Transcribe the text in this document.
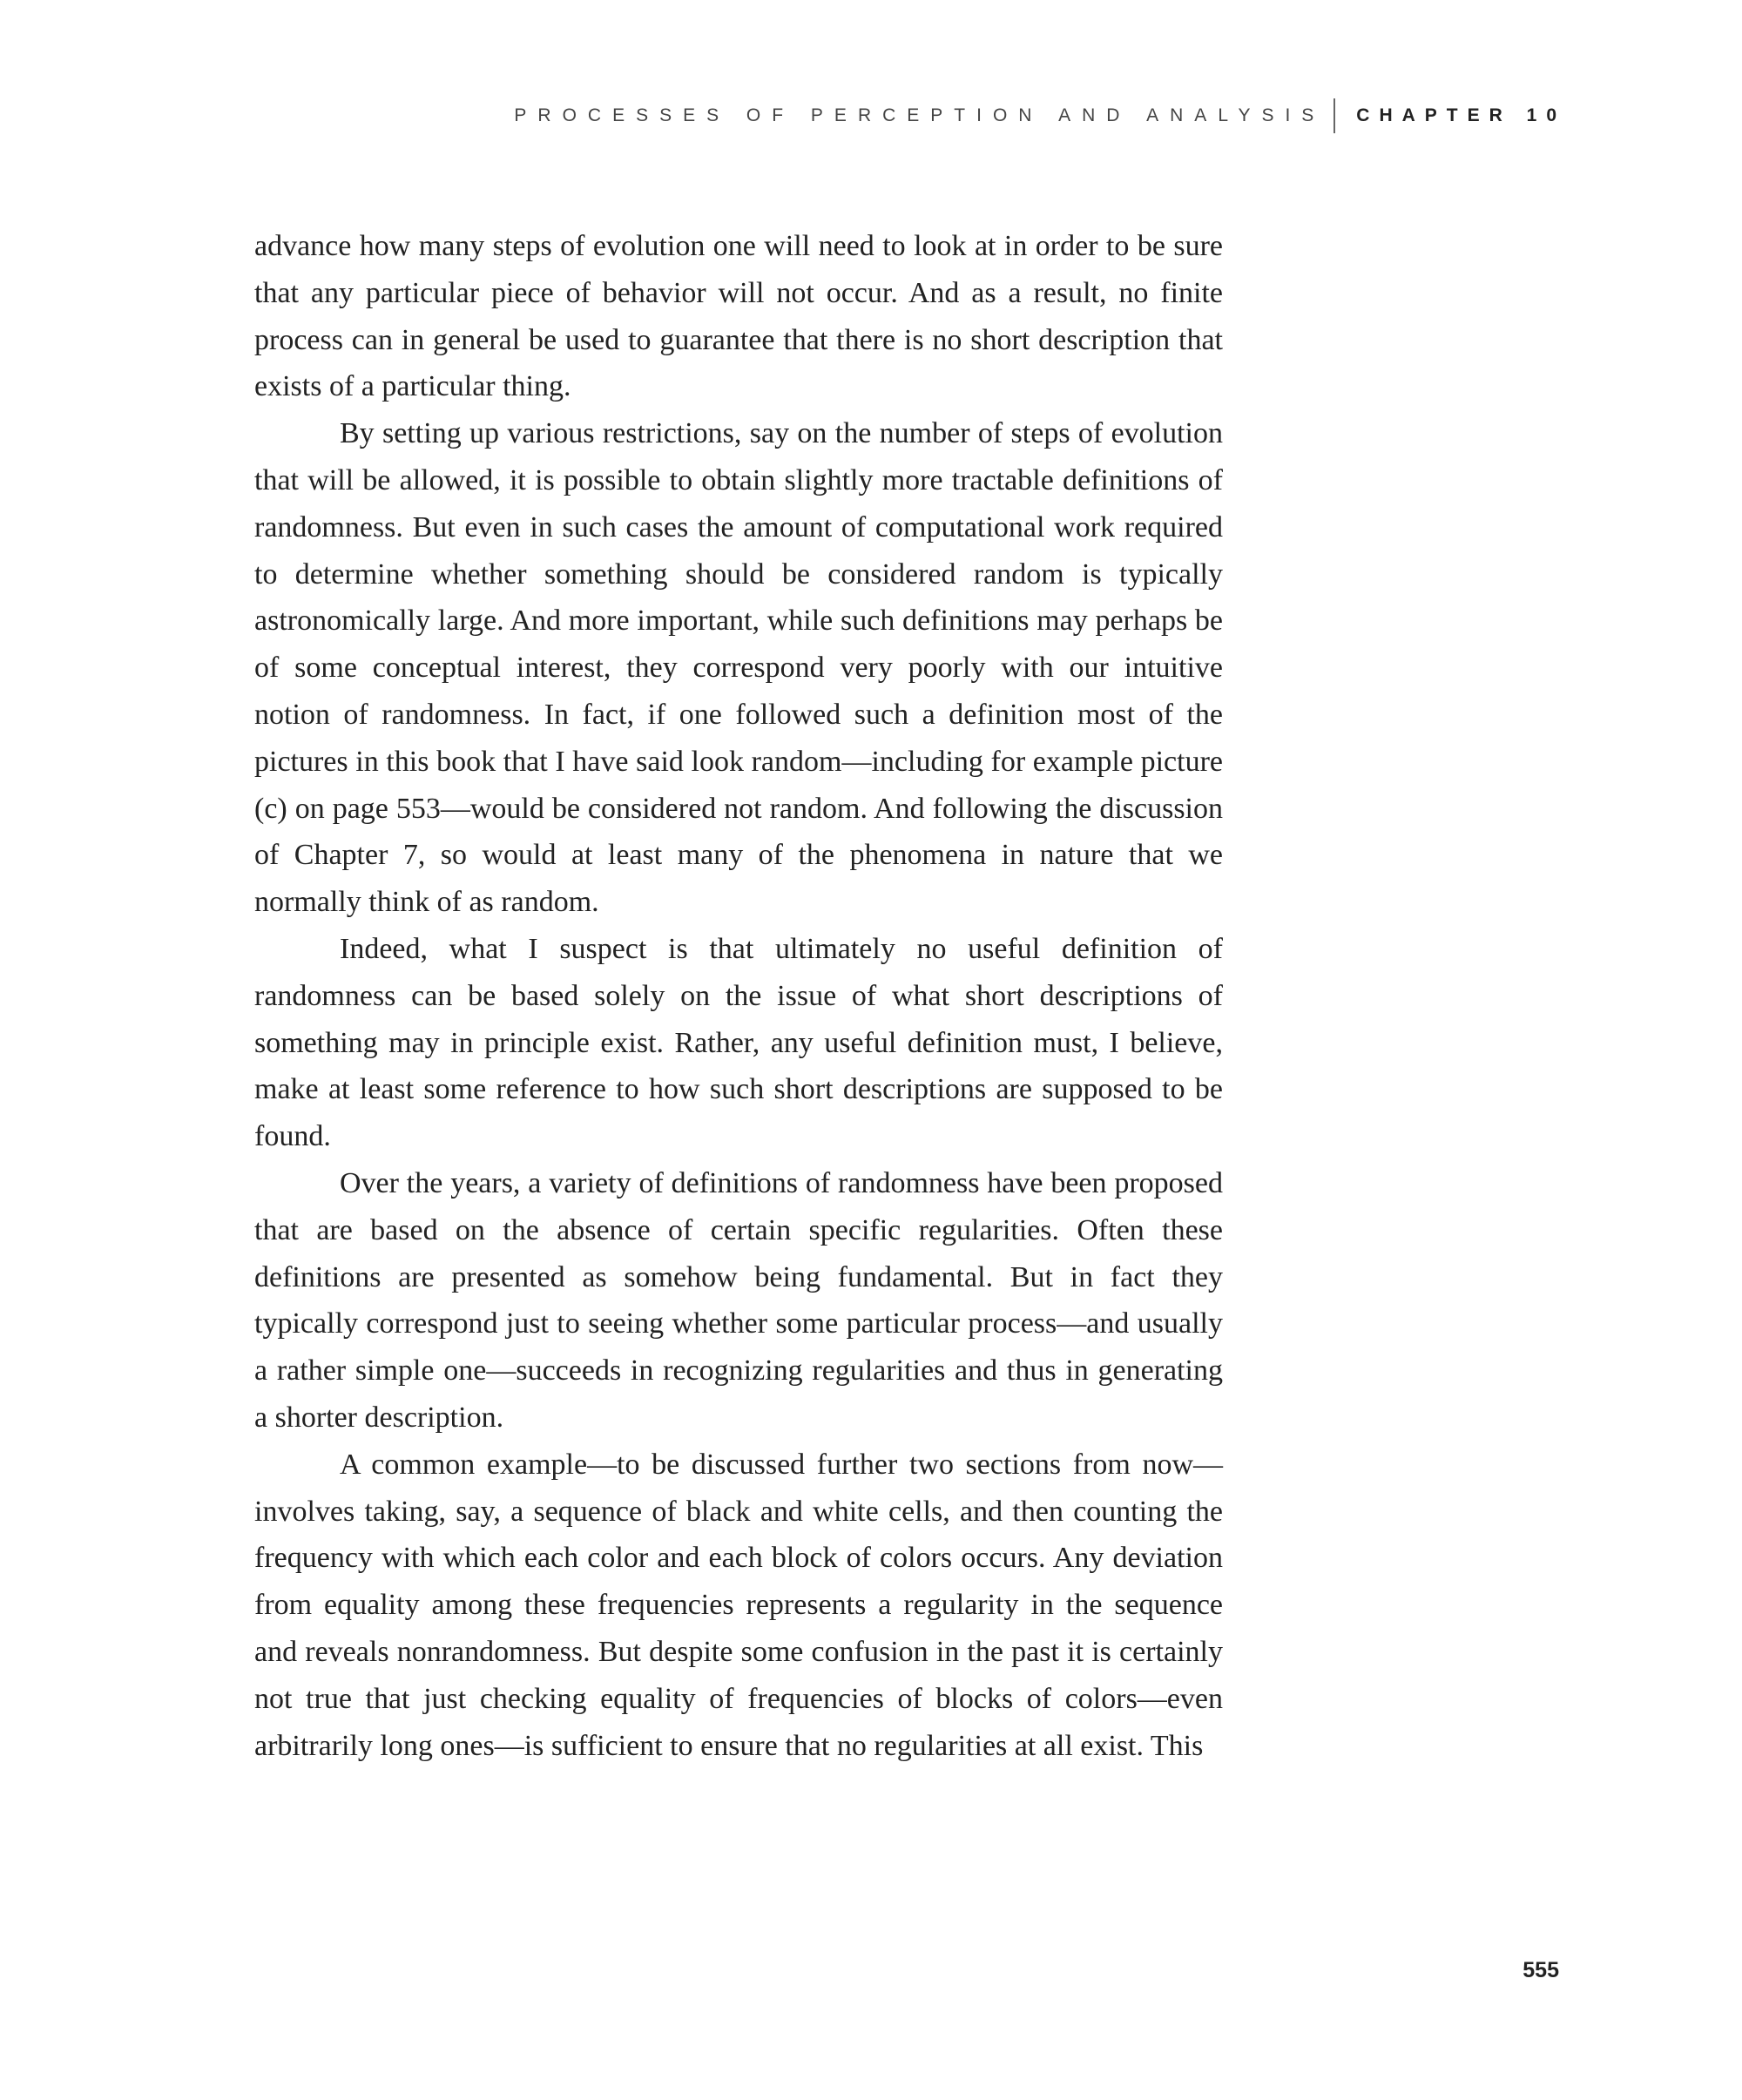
PROCESSES OF PERCEPTION AND ANALYSIS CHAPTER 10

advance how many steps of evolution one will need to look at in order to be sure that any particular piece of behavior will not occur. And as a result, no finite process can in general be used to guarantee that there is no short description that exists of a particular thing.

By setting up various restrictions, say on the number of steps of evolution that will be allowed, it is possible to obtain slightly more tractable definitions of randomness. But even in such cases the amount of computational work required to determine whether something should be considered random is typically astronomically large. And more important, while such definitions may perhaps be of some conceptual interest, they correspond very poorly with our intuitive notion of randomness. In fact, if one followed such a definition most of the pictures in this book that I have said look random—including for example picture (c) on page 553—would be considered not random. And following the discussion of Chapter 7, so would at least many of the phenomena in nature that we normally think of as random.

Indeed, what I suspect is that ultimately no useful definition of randomness can be based solely on the issue of what short descriptions of something may in principle exist. Rather, any useful definition must, I believe, make at least some reference to how such short descriptions are supposed to be found.

Over the years, a variety of definitions of randomness have been proposed that are based on the absence of certain specific regularities. Often these definitions are presented as somehow being fundamental. But in fact they typically correspond just to seeing whether some particular process—and usually a rather simple one—succeeds in recognizing regularities and thus in generating a shorter description.

A common example—to be discussed further two sections from now—involves taking, say, a sequence of black and white cells, and then counting the frequency with which each color and each block of colors occurs. Any deviation from equality among these frequencies represents a regularity in the sequence and reveals nonrandomness. But despite some confusion in the past it is certainly not true that just checking equality of frequencies of blocks of colors—even arbitrarily long ones—is sufficient to ensure that no regularities at all exist. This

555
